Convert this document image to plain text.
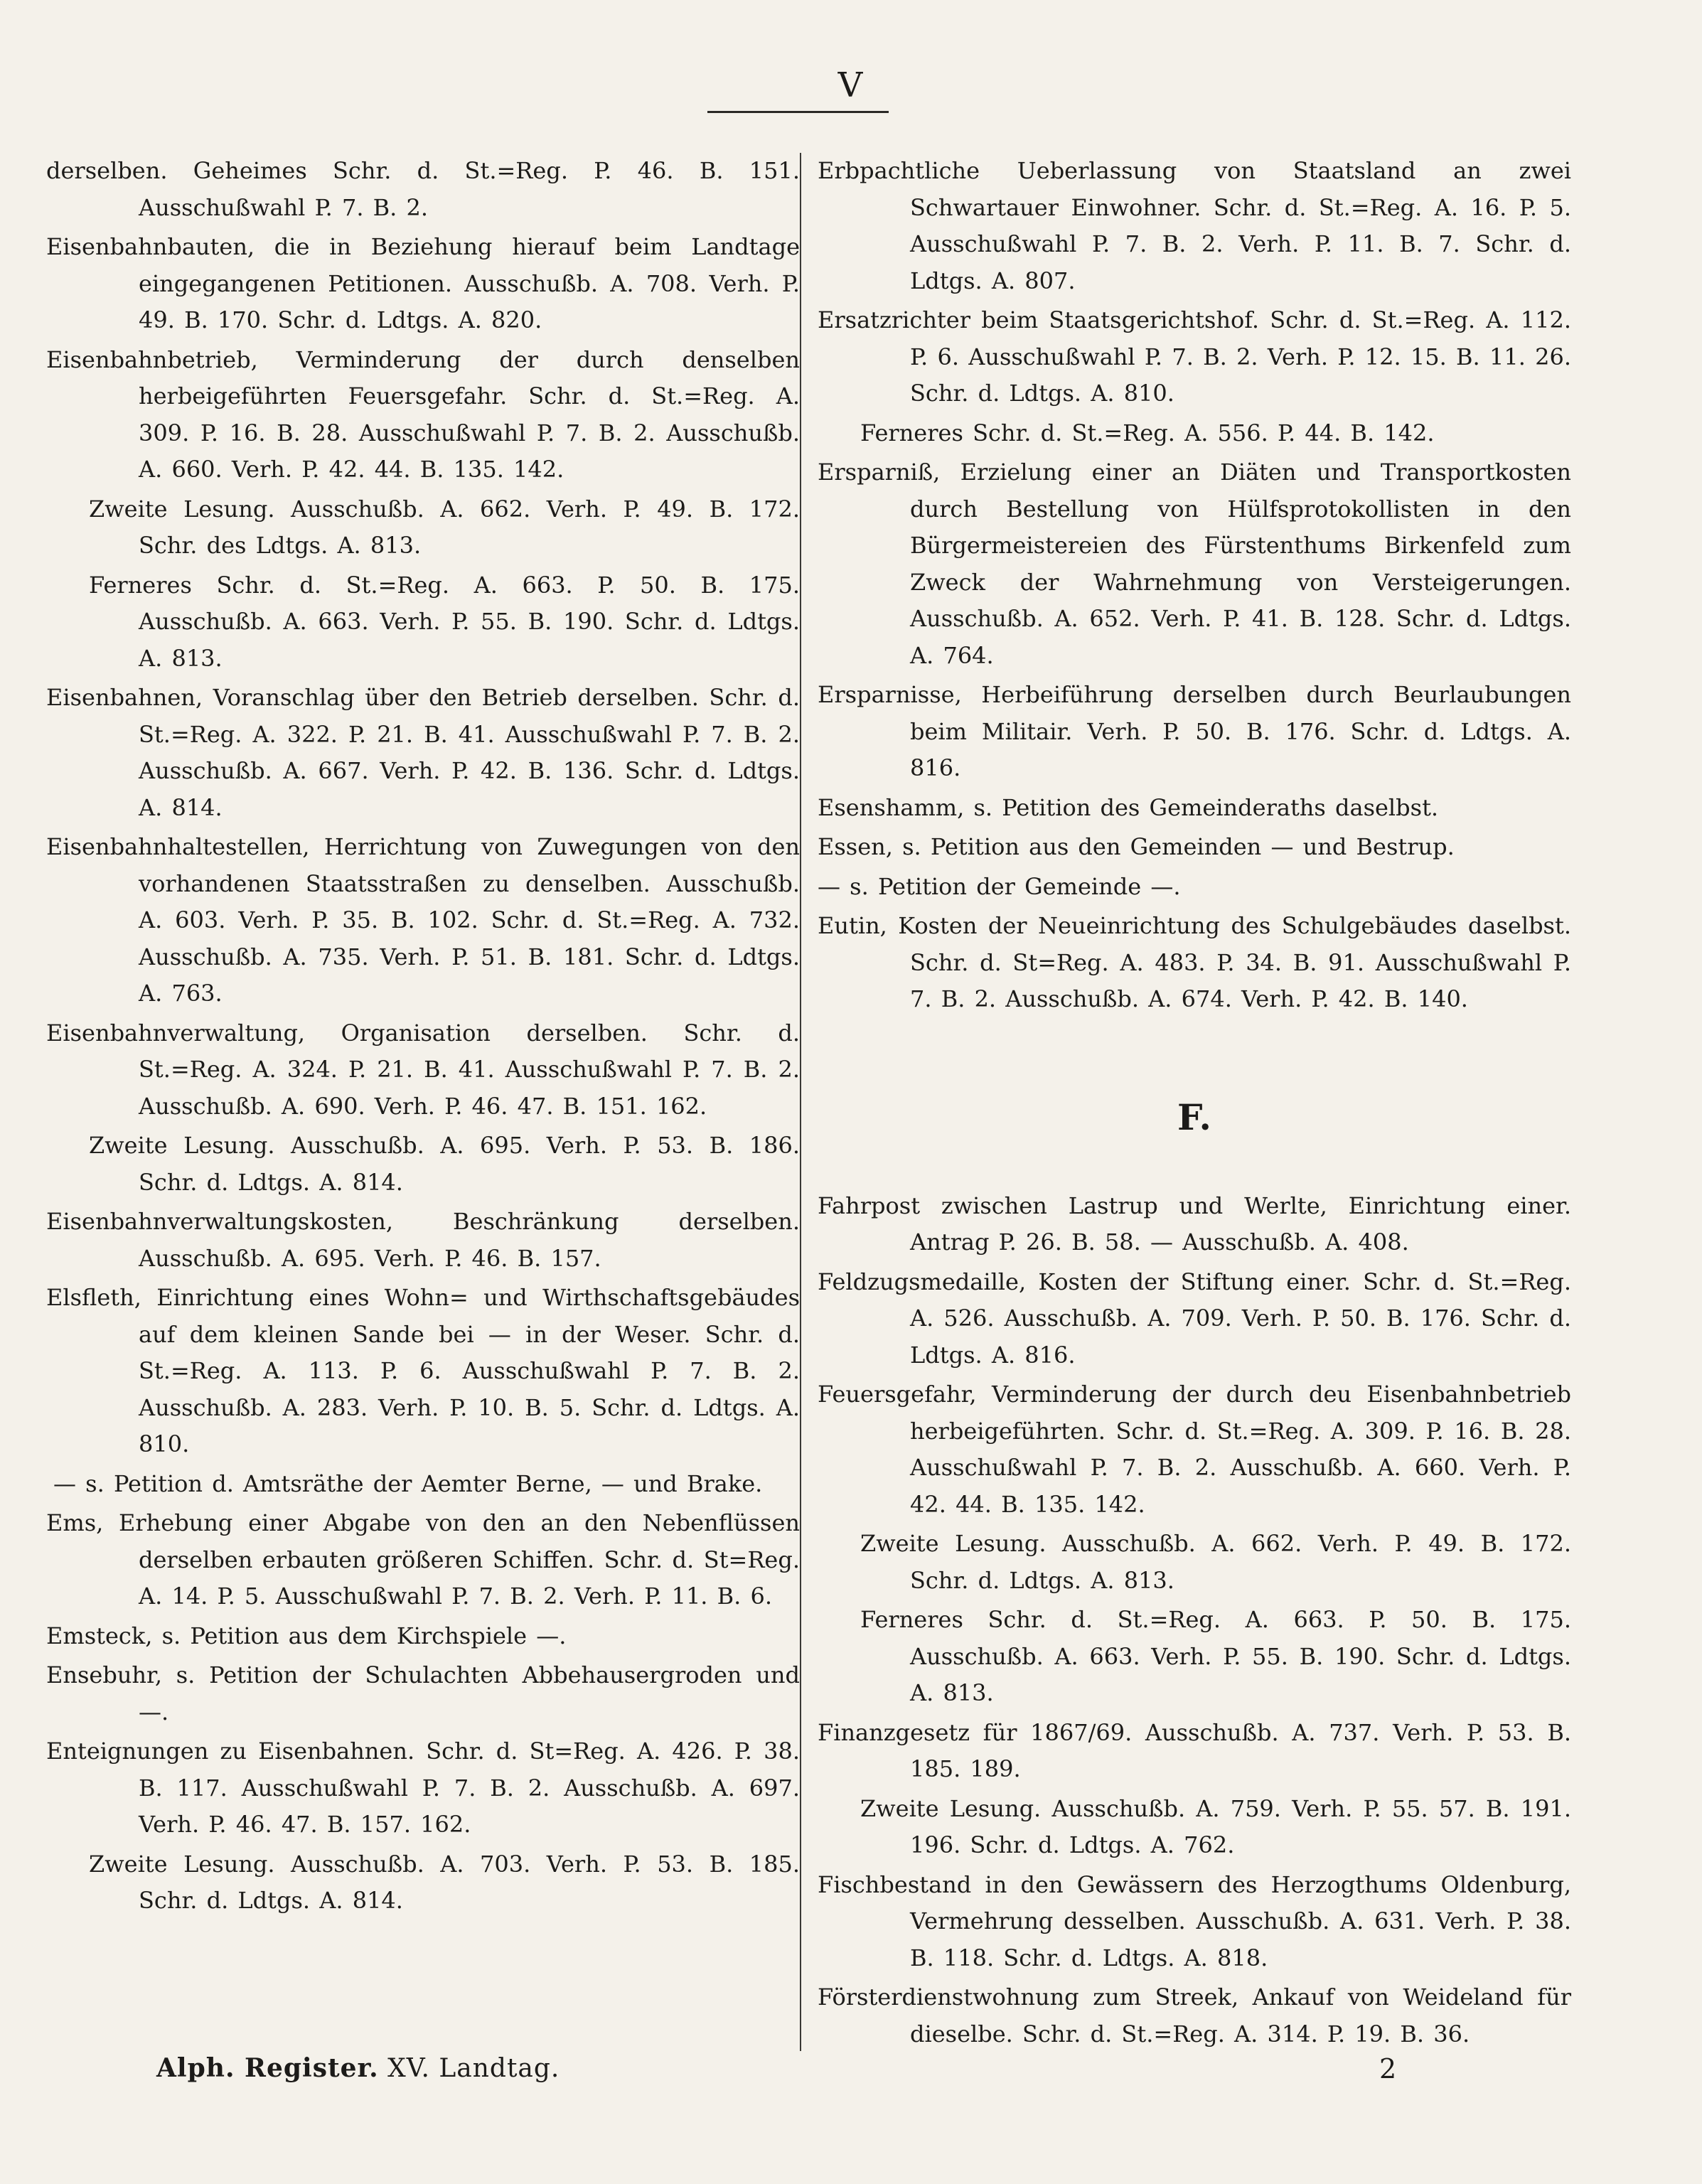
V

derselben. Geheimes Schr. d. St.=Reg. P. 46. B. 151. Ausschußwahl P. 7. B. 2.

Eisenbahnbauten, die in Beziehung hierauf beim Landtage eingegangenen Petitionen. Ausschußb. A. 708. Verh. P. 49. B. 170. Schr. d. Ldtgs. A. 820.

Eisenbahnbetrieb, Verminderung der durch denselben herbeigeführten Feuersgefahr. Schr. d. St.=Reg. A. 309. P. 16. B. 28. Ausschußwahl P. 7. B. 2. Ausschußb. A. 660. Verh. P. 42. 44. B. 135. 142.

Zweite Lesung. Ausschußb. A. 662. Verh. P. 49. B. 172. Schr. des Ldtgs. A. 813.

Ferneres Schr. d. St.=Reg. A. 663. P. 50. B. 175. Ausschußb. A. 663. Verh. P. 55. B. 190. Schr. d. Ldtgs. A. 813.

Eisenbahnen, Voranschlag über den Betrieb derselben. Schr. d. St.=Reg. A. 322. P. 21. B. 41. Ausschußwahl P. 7. B. 2. Ausschußb. A. 667. Verh. P. 42. B. 136. Schr. d. Ldtgs. A. 814.

Eisenbahnhaltestellen, Herrichtung von Zuwegungen von den vorhandenen Staatsstraßen zu denselben. Ausschußb. A. 603. Verh. P. 35. B. 102. Schr. d. St.=Reg. A. 732. Ausschußb. A. 735. Verh. P. 51. B. 181. Schr. d. Ldtgs. A. 763.

Eisenbahnverwaltung, Organisation derselben. Schr. d. St.=Reg. A. 324. P. 21. B. 41. Ausschußwahl P. 7. B. 2. Ausschußb. A. 690. Verh. P. 46. 47. B. 151. 162.

Zweite Lesung. Ausschußb. A. 695. Verh. P. 53. B. 186. Schr. d. Ldtgs. A. 814.

Eisenbahnverwaltungskosten, Beschränkung derselben. Ausschußb. A. 695. Verh. P. 46. B. 157.

Elsfleth, Einrichtung eines Wohn= und Wirthschaftsgebäudes auf dem kleinen Sande bei — in der Weser. Schr. d. St.=Reg. A. 113. P. 6. Ausschußwahl P. 7. B. 2. Ausschußb. A. 283. Verh. P. 10. B. 5. Schr. d. Ldtgs. A. 810.

— s. Petition d. Amtsräthe der Aemter Berne, — und Brake.

Ems, Erhebung einer Abgabe von den an den Nebenflüssen derselben erbauten größeren Schiffen. Schr. d. St=Reg. A. 14. P. 5. Ausschußwahl P. 7. B. 2. Verh. P. 11. B. 6.

Emsteck, s. Petition aus dem Kirchspiele —.

Ensebuhr, s. Petition der Schulachten Abbehausergroden und —.

Enteignungen zu Eisenbahnen. Schr. d. St=Reg. A. 426. P. 38. B. 117. Ausschußwahl P. 7. B. 2. Ausschußb. A. 697. Verh. P. 46. 47. B. 157. 162.

Zweite Lesung. Ausschußb. A. 703. Verh. P. 53. B. 185. Schr. d. Ldtgs. A. 814.

Erbpachtliche Ueberlassung von Staatsland an zwei Schwartauer Einwohner. Schr. d. St.=Reg. A. 16. P. 5. Ausschußwahl P. 7. B. 2. Verh. P. 11. B. 7. Schr. d. Ldtgs. A. 807.

Ersatzrichter beim Staatsgerichtshof. Schr. d. St.=Reg. A. 112. P. 6. Ausschußwahl P. 7. B. 2. Verh. P. 12. 15. B. 11. 26. Schr. d. Ldtgs. A. 810.

Ferneres Schr. d. St.=Reg. A. 556. P. 44. B. 142.

Ersparniß, Erzielung einer an Diäten und Transportkosten durch Bestellung von Hülfsprotokollisten in den Bürgermeistereien des Fürstenthums Birkenfeld zum Zweck der Wahrnehmung von Versteigerungen. Ausschußb. A. 652. Verh. P. 41. B. 128. Schr. d. Ldtgs. A. 764.

Ersparnisse, Herbeiführung derselben durch Beurlaubungen beim Militair. Verh. P. 50. B. 176. Schr. d. Ldtgs. A. 816.

Esenshamm, s. Petition des Gemeinderaths daselbst.

Essen, s. Petition aus den Gemeinden — und Bestrup.

— s. Petition der Gemeinde —.

Eutin, Kosten der Neueinrichtung des Schulgebäudes daselbst. Schr. d. St=Reg. A. 483. P. 34. B. 91. Ausschußwahl P. 7. B. 2. Ausschußb. A. 674. Verh. P. 42. B. 140.

F.

Fahrpost zwischen Lastrup und Werlte, Einrichtung einer. Antrag P. 26. B. 58. — Ausschußb. A. 408.

Feldzugsmedaille, Kosten der Stiftung einer. Schr. d. St.=Reg. A. 526. Ausschußb. A. 709. Verh. P. 50. B. 176. Schr. d. Ldtgs. A. 816.

Feuersgefahr, Verminderung der durch deu Eisenbahnbetrieb herbeigeführten. Schr. d. St.=Reg. A. 309. P. 16. B. 28. Ausschußwahl P. 7. B. 2. Ausschußb. A. 660. Verh. P. 42. 44. B. 135. 142.

Zweite Lesung. Ausschußb. A. 662. Verh. P. 49. B. 172. Schr. d. Ldtgs. A. 813.

Ferneres Schr. d. St.=Reg. A. 663. P. 50. B. 175. Ausschußb. A. 663. Verh. P. 55. B. 190. Schr. d. Ldtgs. A. 813.

Finanzgesetz für 1867/69. Ausschußb. A. 737. Verh. P. 53. B. 185. 189.

Zweite Lesung. Ausschußb. A. 759. Verh. P. 55. 57. B. 191. 196. Schr. d. Ldtgs. A. 762.

Fischbestand in den Gewässern des Herzogthums Oldenburg, Vermehrung desselben. Ausschußb. A. 631. Verh. P. 38. B. 118. Schr. d. Ldtgs. A. 818.

Försterdienstwohnung zum Streek, Ankauf von Weideland für dieselbe. Schr. d. St.=Reg. A. 314. P. 19. B. 36.

Alph. Register. XV. Landtag.	2
